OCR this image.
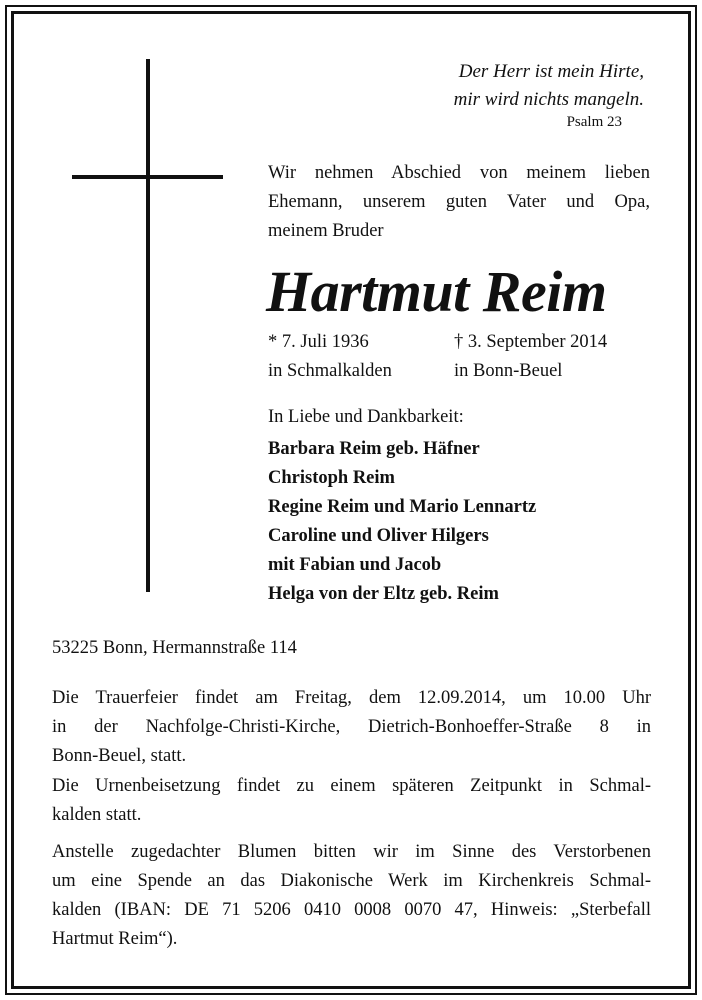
Der Herr ist mein Hirte,
mir wird nichts mangeln.
Psalm 23
Wir nehmen Abschied von meinem lieben
Ehemann, unserem guten Vater und Opa,
meinem Bruder
Hartmut Reim
* 7. Juli 1936
in Schmalkalden
† 3. September 2014
in Bonn-Beuel
In Liebe und Dankbarkeit:
Barbara Reim geb. Häfner
Christoph Reim
Regine Reim und Mario Lennartz
Caroline und Oliver Hilgers
mit Fabian und Jacob
Helga von der Eltz geb. Reim
53225 Bonn, Hermannstraße 114
Die Trauerfeier findet am Freitag, dem 12.09.2014, um 10.00 Uhr
in der Nachfolge-Christi-Kirche, Dietrich-Bonhoeffer-Straße 8 in
Bonn-Beuel, statt.
Die Urnenbeisetzung findet zu einem späteren Zeitpunkt in Schmal-
kalden statt.
Anstelle zugedachter Blumen bitten wir im Sinne des Verstorbenen
um eine Spende an das Diakonische Werk im Kirchenkreis Schmal-
kalden (IBAN: DE 71 5206 0410 0008 0070 47, Hinweis: „Sterbefall
Hartmut Reim“).
